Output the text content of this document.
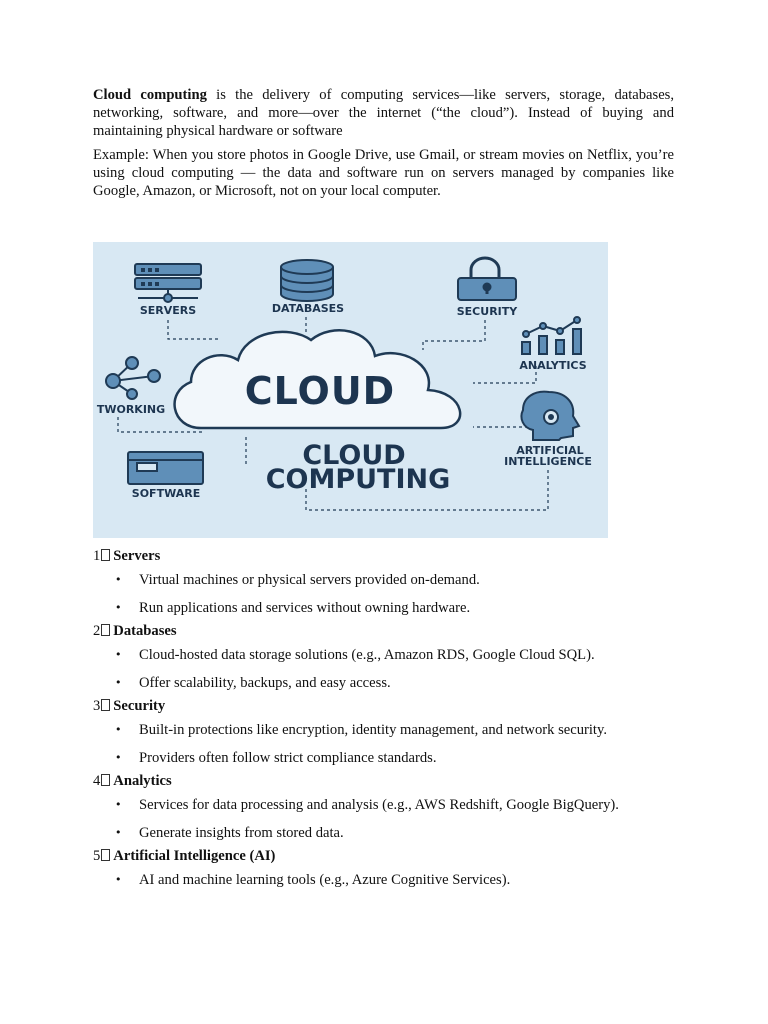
Cloud computing is the delivery of computing services—like servers, storage, databases, networking, software, and more—over the internet (“the cloud”). Instead of buying and maintaining physical hardware or software

Example: When you store photos in Google Drive, use Gmail, or stream movies on Netflix, you’re using cloud computing — the data and software run on servers managed by companies like Google, Amazon, or Microsoft, not on your local computer.

SERVERS	DATABASES	SECURITY
ANALYTICS
TWORKING CLOUD
ARTIFICIAL
INTELLIGENCE
SOFTWARE
CLOUD
COMPUTING

1 Servers

• Virtual machines or physical servers provided on-demand.
• Run applications and services without owning hardware.

2 Databases

• Cloud-hosted data storage solutions (e.g., Amazon RDS, Google Cloud SQL).
• Offer scalability, backups, and easy access.

3 Security

• Built-in protections like encryption, identity management, and network security.
• Providers often follow strict compliance standards.

4 Analytics

• Services for data processing and analysis (e.g., AWS Redshift, Google BigQuery).
• Generate insights from stored data.

5 Artificial Intelligence (AI)

• AI and machine learning tools (e.g., Azure Cognitive Services).
